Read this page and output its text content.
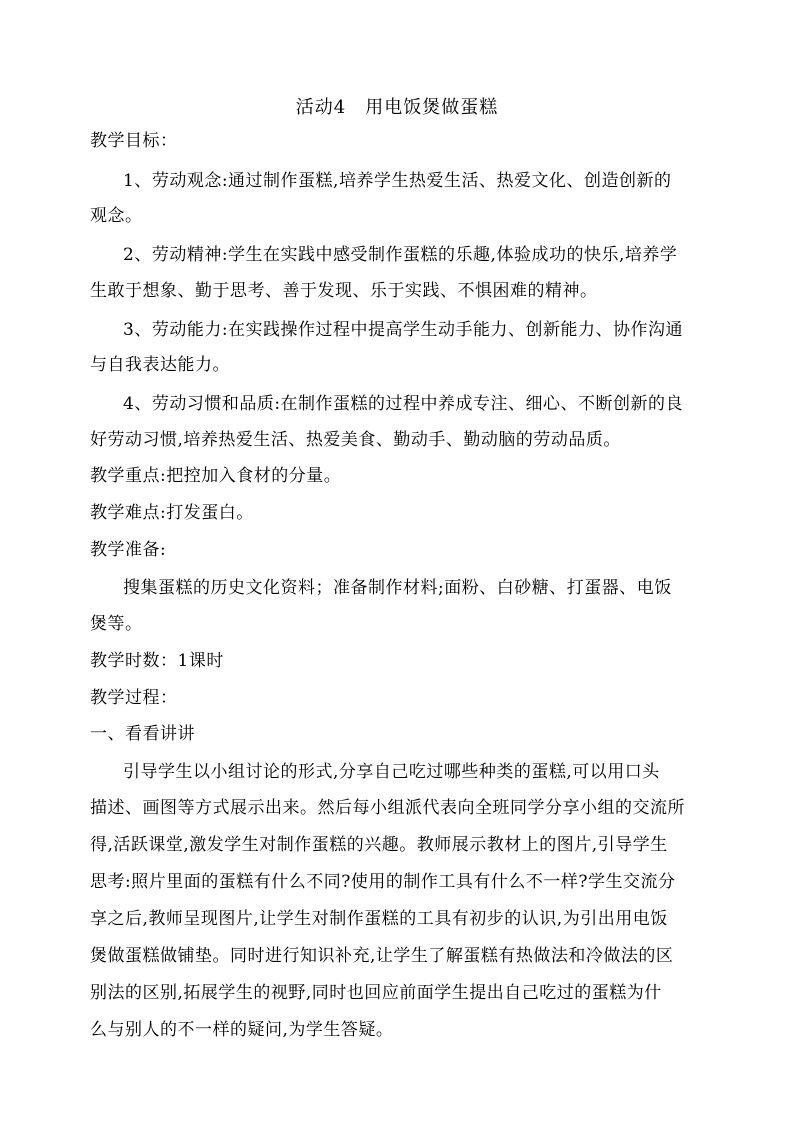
活动4　用电饭煲做蛋糕
教学目标：
1、劳动观念:通过制作蛋糕,培养学生热爱生活、热爱文化、创造创新的
观念。
2、劳动精神:学生在实践中感受制作蛋糕的乐趣,体验成功的快乐,培养学
生敢于想象、勤于思考、善于发现、乐于实践、不惧困难的精神。
3、劳动能力:在实践操作过程中提高学生动手能力、创新能力、协作沟通
与自我表达能力。
4、劳动习惯和品质:在制作蛋糕的过程中养成专注、细心、不断创新的良
好劳动习惯,培养热爱生活、热爱美食、勤动手、勤动脑的劳动品质。
教学重点:把控加入食材的分量。
教学难点:打发蛋白。
教学准备:
搜集蛋糕的历史文化资料；准备制作材料;面粉、白砂糖、打蛋器、电饭
煲等。
教学时数：1课时
教学过程：
一、看看讲讲
引导学生以小组讨论的形式,分享自己吃过哪些种类的蛋糕,可以用口头
描述、画图等方式展示出来。然后每小组派代表向全班同学分享小组的交流所
得,活跃课堂,激发学生对制作蛋糕的兴趣。教师展示教材上的图片,引导学生
思考:照片里面的蛋糕有什么不同?使用的制作工具有什么不一样?学生交流分
享之后,教师呈现图片,让学生对制作蛋糕的工具有初步的认识,为引出用电饭
煲做蛋糕做铺垫。同时进行知识补充,让学生了解蛋糕有热做法和冷做法的区
别法的区别,拓展学生的视野,同时也回应前面学生提出自己吃过的蛋糕为什
么与别人的不一样的疑问,为学生答疑。
